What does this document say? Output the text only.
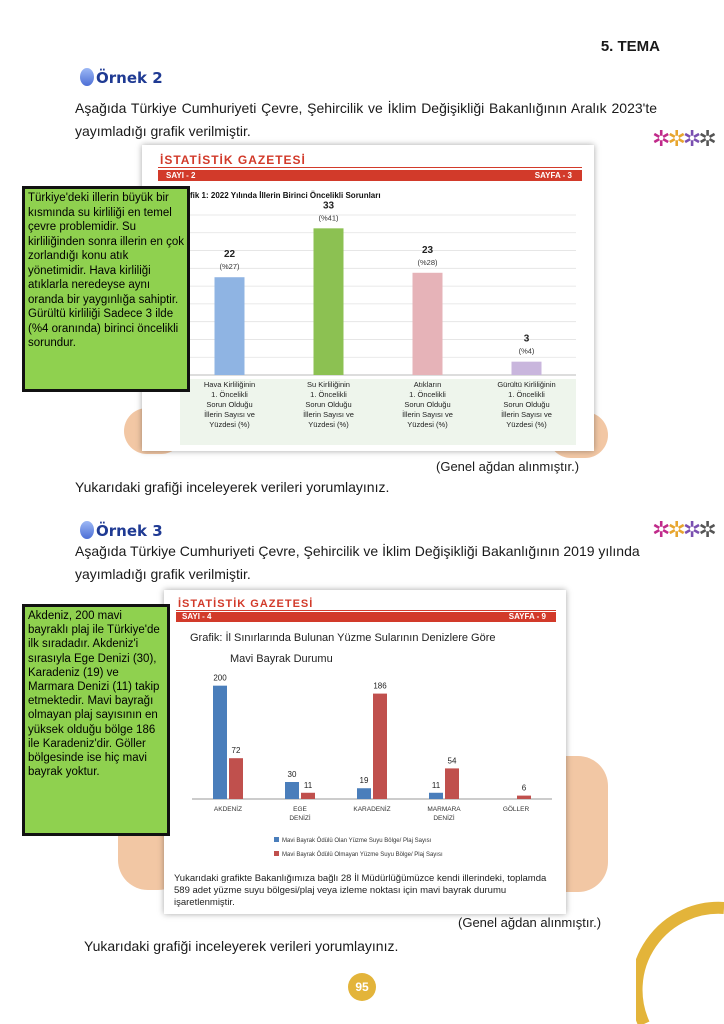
5. TEMA
Örnek 2
Aşağıda Türkiye Cumhuriyeti Çevre, Şehircilik ve İklim Değişikliği Bakanlığının Aralık 2023'te yayımladığı grafik verilmiştir.	✲✲✲✲
İSTATİSTİK GAZETESİ
SAYI - 2	SAYFA - 3
fik 1: 2022 Yılında İllerin Birinci Öncelikli Sorunları
22
(%27)
Hava Kirliliğinin
1. Öncelikli
Sorun Olduğu
İllerin Sayısı ve
Yüzdesi (%)
33
(%41)
Su Kirliliğinin
1. Öncelikli
Sorun Olduğu
İllerin Sayısı ve
Yüzdesi (%)
23
(%28)
Atıkların
1. Öncelikli
Sorun Olduğu
İllerin Sayısı ve
Yüzdesi (%)
3
(%4)
Gürültü Kirliliğinin
1. Öncelikli
Sorun Olduğu
İllerin Sayısı ve
Yüzdesi (%)
Türkiye'deki illerin büyük bir kısmında su kirliliği en temel çevre problemidir. Su kirliliğinden sonra illerin en çok zorlandığı konu atık yönetimidir. Hava kirliliği atıklarla neredeyse aynı oranda bir yaygınlığa sahiptir. Gürültü kirliliği Sadece 3 ilde (%4 oranında) birinci öncelikli sorundur.
(Genel ağdan alınmıştır.)
Yukarıdaki grafiği inceleyerek verileri yorumlayınız.
Örnek 3
Aşağıda Türkiye Cumhuriyeti Çevre, Şehircilik ve İklim Değişikliği Bakanlığının 2019 yılında yayımladığı grafik verilmiştir.
✲✲✲✲
İSTATİSTİK GAZETESİ
SAYI - 4	SAYFA - 9
Grafik: İl Sınırlarında Bulunan Yüzme Sularının Denizlere Göre
Mavi Bayrak Durumu
200
72
AKDENİZ
30
11
EGE
DENİZİ
19
186
KARADENİZ
11
54
MARMARA
DENİZİ
6
GÖLLER
Mavi Bayrak Ödülü Olan Yüzme Suyu Bölge/ Plaj Sayısı
Mavi Bayrak Ödülü Olmayan Yüzme Suyu Bölge/ Plaj Sayısı
Yukarıdaki grafikte Bakanlığımıza bağlı 28 İl Müdürlüğümüzce kendi illerindeki, toplamda 589 adet yüzme suyu bölgesi/plaj veya izleme noktası için mavi bayrak durumu işaretlenmiştir.
Akdeniz, 200 mavi bayraklı plaj ile Türkiye'de ilk sıradadır. Akdeniz'i sırasıyla Ege Denizi (30), Karadeniz (19) ve Marmara Denizi (11) takip etmektedir. Mavi bayrağı olmayan plaj sayısının en yüksek olduğu bölge 186 ile Karadeniz'dir. Göller bölgesinde ise hiç mavi bayrak yoktur.
(Genel ağdan alınmıştır.)
Yukarıdaki grafiği inceleyerek verileri yorumlayınız.
95
